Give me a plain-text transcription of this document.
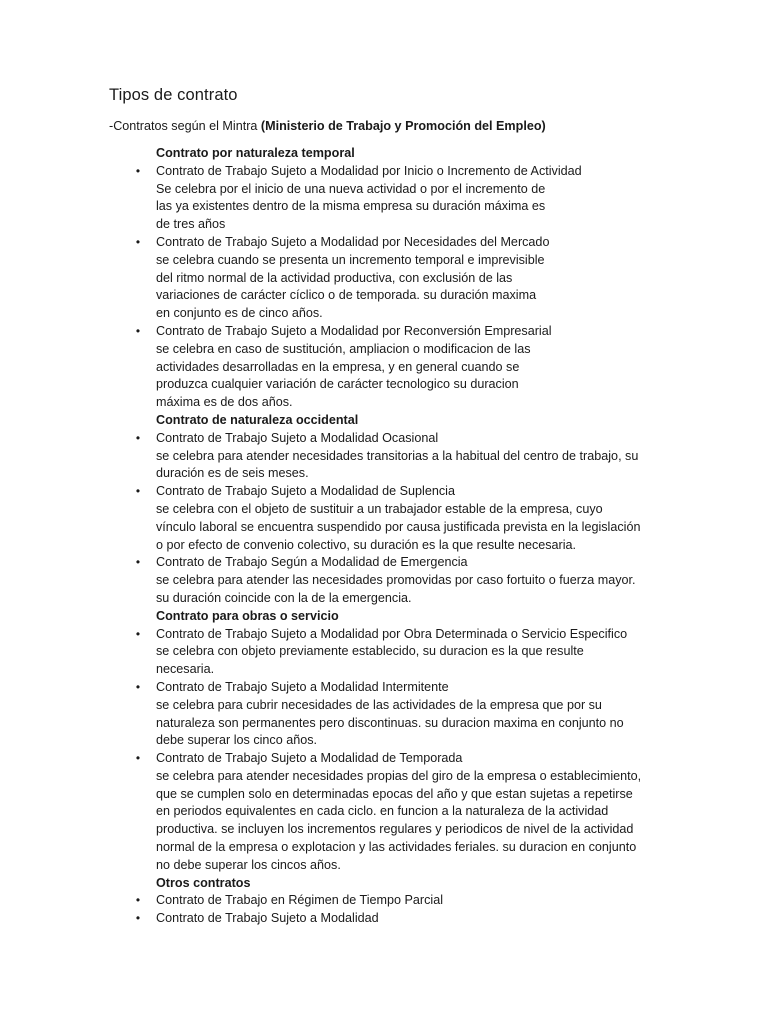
Tipos de contrato

-Contratos según el Mintra (Ministerio de Trabajo y Promoción del Empleo)

Contrato por naturaleza temporal
•	Contrato de Trabajo Sujeto a Modalidad por Inicio o Incremento de Actividad
Se celebra por el inicio de una nueva actividad o por el incremento de
las ya existentes dentro de la misma empresa su duración máxima es
de tres años
•	Contrato de Trabajo Sujeto a Modalidad por Necesidades del Mercado
se celebra cuando se presenta un incremento temporal e imprevisible
del ritmo normal de la actividad productiva, con exclusión de las
variaciones de carácter cíclico o de temporada. su duración maxima
en conjunto es de cinco años.
•	Contrato de Trabajo Sujeto a Modalidad por Reconversión Empresarial
se celebra en caso de sustitución, ampliacion o modificacion de las
actividades desarrolladas en la empresa, y en general cuando se
produzca cualquier variación de carácter tecnologico su duracion
máxima es de dos años.
Contrato de naturaleza occidental
•	Contrato de Trabajo Sujeto a Modalidad Ocasional
se celebra para atender necesidades transitorias a la habitual del centro de trabajo, su
duración es de seis meses.
•	Contrato de Trabajo Sujeto a Modalidad de Suplencia
se celebra con el objeto de sustituir a un trabajador estable de la empresa, cuyo
vínculo laboral se encuentra suspendido por causa justificada prevista en la legislación
o por efecto de convenio colectivo, su duración es la que resulte necesaria.
•	Contrato de Trabajo Según a Modalidad de Emergencia
se celebra para atender las necesidades promovidas por caso fortuito o fuerza mayor.
su duración coincide con la de la emergencia.
Contrato para obras o servicio
•	Contrato de Trabajo Sujeto a Modalidad por Obra Determinada o Servicio Especifico
se celebra con objeto previamente establecido, su duracion es la que resulte
necesaria.
•	Contrato de Trabajo Sujeto a Modalidad Intermitente
se celebra para cubrir necesidades de las actividades de la empresa que por su
naturaleza son permanentes pero discontinuas. su duracion maxima en conjunto no
debe superar los cinco años.
•	Contrato de Trabajo Sujeto a Modalidad de Temporada
se celebra para atender necesidades propias del giro de la empresa o establecimiento,
que se cumplen solo en determinadas epocas del año y que estan sujetas a repetirse
en periodos equivalentes en cada ciclo. en funcion a la naturaleza de la actividad
productiva. se incluyen los incrementos regulares y periodicos de nivel de la actividad
normal de la empresa o explotacion y las actividades feriales. su duracion en conjunto
no debe superar los cincos años.
Otros contratos
•	Contrato de Trabajo en Régimen de Tiempo Parcial
•	Contrato de Trabajo Sujeto a Modalidad
